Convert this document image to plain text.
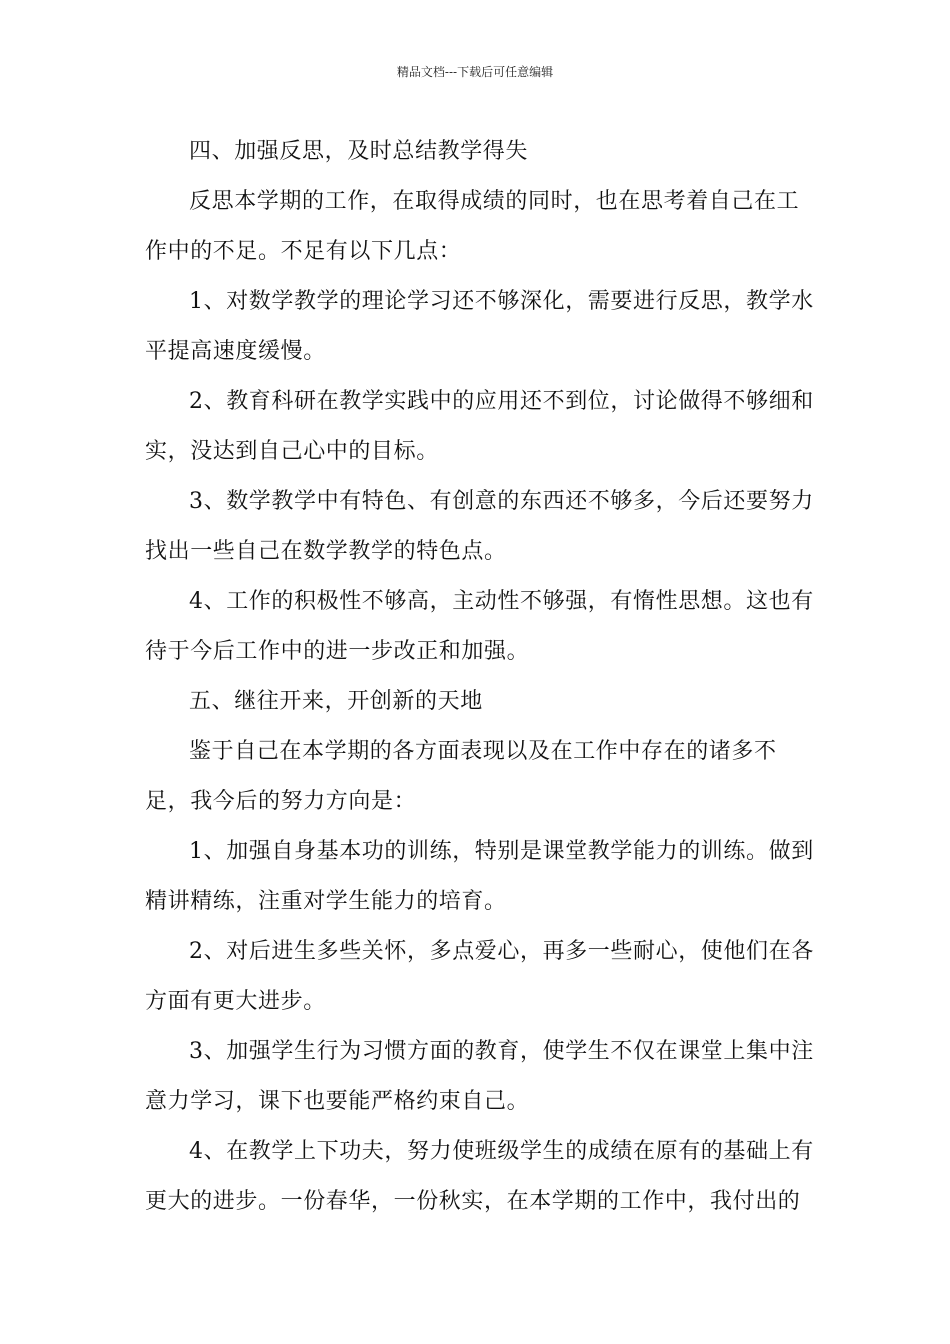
精品文档---下载后可任意编辑

四、加强反思，及时总结教学得失

反思本学期的工作，在取得成绩的同时，也在思考着自己在工作中的不足。不足有以下几点：

1、对数学教学的理论学习还不够深化，需要进行反思，教学水平提高速度缓慢。

2、教育科研在教学实践中的应用还不到位，讨论做得不够细和实，没达到自己心中的目标。

3、数学教学中有特色、有创意的东西还不够多，今后还要努力找出一些自己在数学教学的特色点。

4、工作的积极性不够高，主动性不够强，有惰性思想。这也有待于今后工作中的进一步改正和加强。

五、继往开来，开创新的天地

鉴于自己在本学期的各方面表现以及在工作中存在的诸多不足，我今后的努力方向是：

1、加强自身基本功的训练，特别是课堂教学能力的训练。做到精讲精练，注重对学生能力的培育。

2、对后进生多些关怀，多点爱心，再多一些耐心，使他们在各方面有更大进步。

3、加强学生行为习惯方面的教育，使学生不仅在课堂上集中注意力学习，课下也要能严格约束自己。

4、在教学上下功夫，努力使班级学生的成绩在原有的基础上有更大的进步。一份春华，一份秋实，在本学期的工作中，我付出的
